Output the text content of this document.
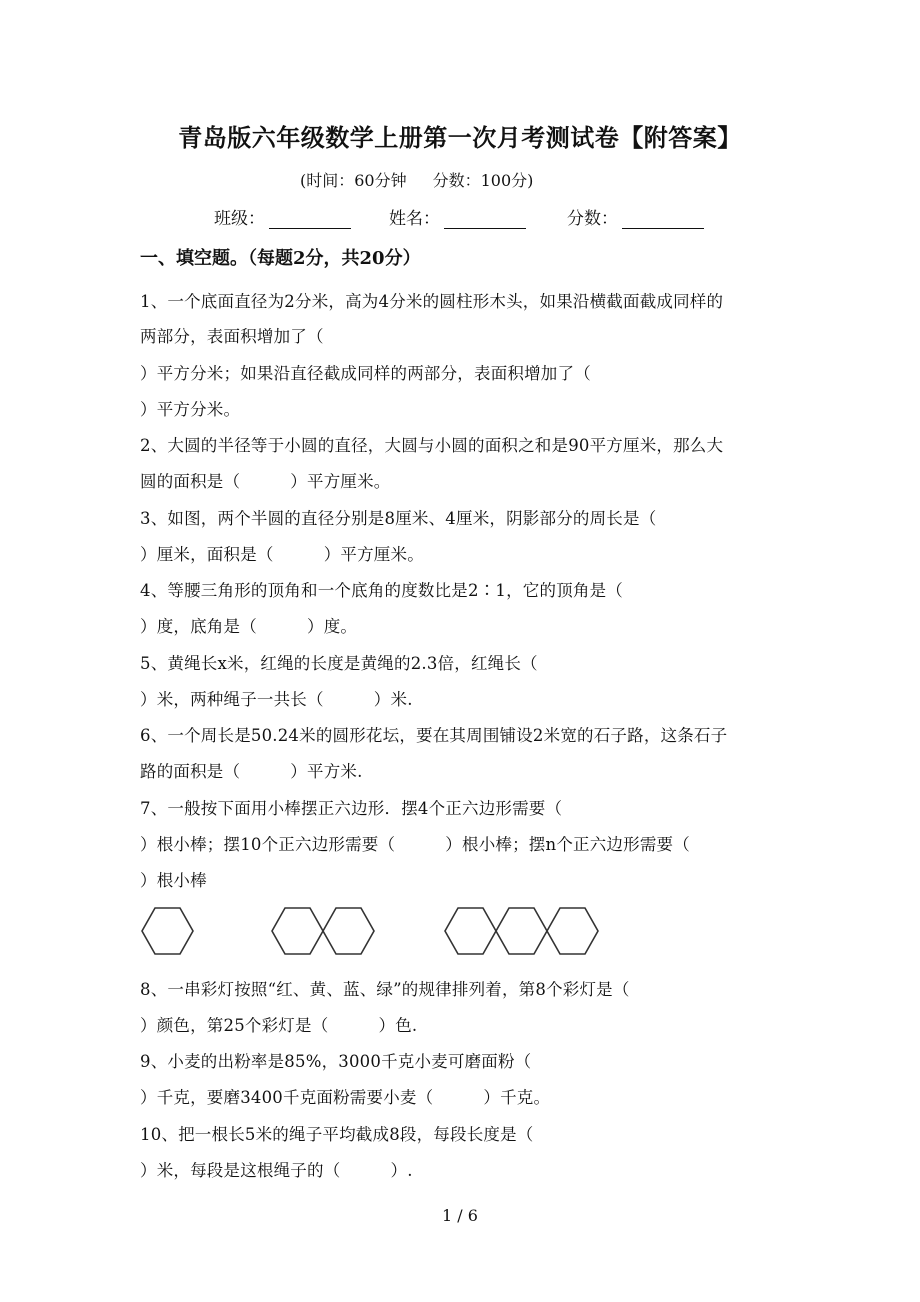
青岛版六年级数学上册第一次月考测试卷【附答案】
(时间：60分钟 分数：100分)
班级：	姓名：	分数：
一、填空题。（每题2分，共20分）
1、一个底面直径为2分米，高为4分米的圆柱形木头，如果沿横截面截成同样的
两部分，表面积增加了（
）平方分米；如果沿直径截成同样的两部分，表面积增加了（
）平方分米。
2、大圆的半径等于小圆的直径，大圆与小圆的面积之和是90平方厘米，那么大
圆的面积是（　　　）平方厘米。
3、如图，两个半圆的直径分别是8厘米、4厘米，阴影部分的周长是（
）厘米，面积是（　　　）平方厘米。
4、等腰三角形的顶角和一个底角的度数比是2∶1，它的顶角是（
）度，底角是（　　　）度。
5、黄绳长x米，红绳的长度是黄绳的2.3倍，红绳长（
）米，两种绳子一共长（　　　）米.
6、一个周长是50.24米的圆形花坛，要在其周围铺设2米宽的石子路，这条石子
路的面积是（　　　）平方米.
7、一般按下面用小棒摆正六边形．摆4个正六边形需要（
）根小棒；摆10个正六边形需要（　　　）根小棒；摆n个正六边形需要（
）根小棒
8、一串彩灯按照“红、黄、蓝、绿”的规律排列着，第8个彩灯是（
）颜色，第25个彩灯是（　　　）色.
9、小麦的出粉率是85%，3000千克小麦可磨面粉（
）千克，要磨3400千克面粉需要小麦（　　　）千克。
10、把一根长5米的绳子平均截成8段，每段长度是（
）米，每段是这根绳子的（　　　）.
1 / 6
